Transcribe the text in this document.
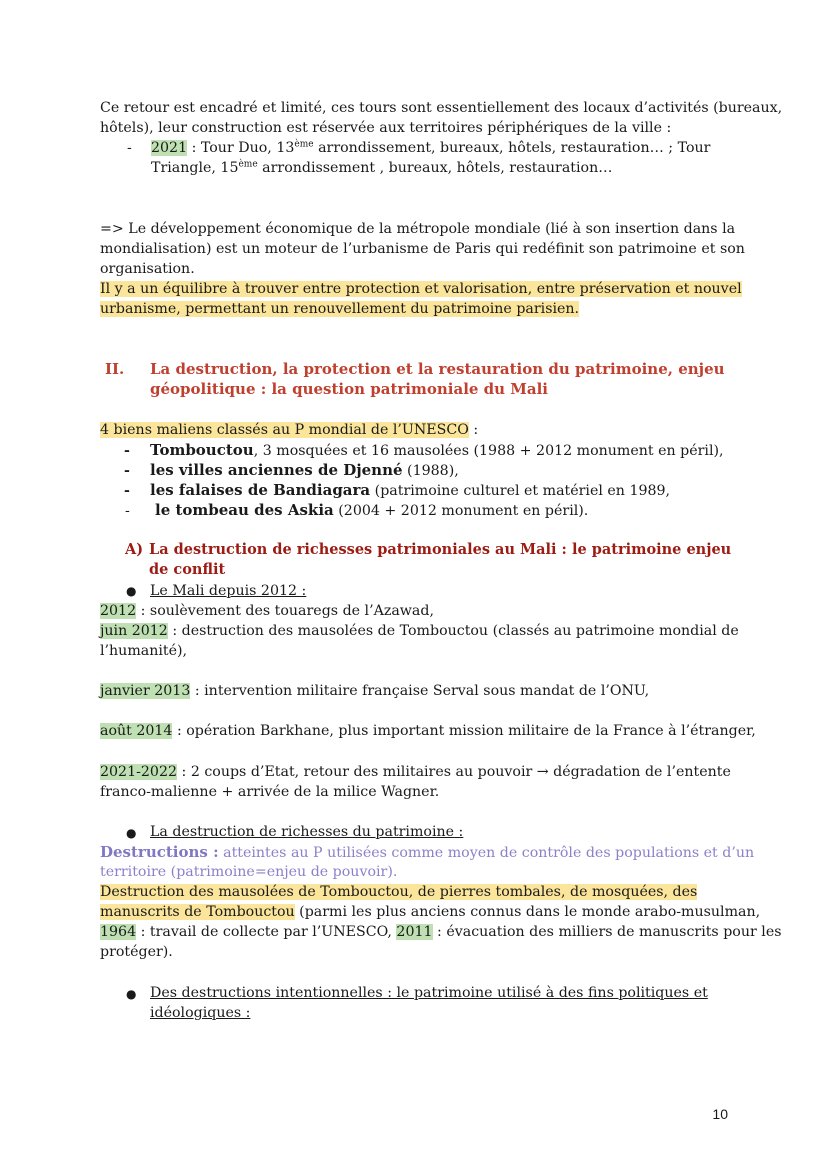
Ce retour est encadré et limité, ces tours sont essentiellement des locaux d’activités (bureaux,
hôtels), leur construction est réservée aux territoires périphériques de la ville :
- 2021 : Tour Duo, 13ème arrondissement, bureaux, hôtels, restauration… ; Tour
Triangle, 15ème arrondissement , bureaux, hôtels, restauration…
=> Le développement économique de la métropole mondiale (lié à son insertion dans la
mondialisation) est un moteur de l’urbanisme de Paris qui redéfinit son patrimoine et son
organisation.
Il y a un équilibre à trouver entre protection et valorisation, entre préservation et nouvel
urbanisme, permettant un renouvellement du patrimoine parisien.
II. La destruction, la protection et la restauration du patrimoine, enjeu
géopolitique : la question patrimoniale du Mali
4 biens maliens classés au P mondial de l’UNESCO :
- Tombouctou, 3 mosquées et 16 mausolées (1988 + 2012 monument en péril),
- les villes anciennes de Djenné (1988),
- les falaises de Bandiagara (patrimoine culturel et matériel en 1989,
- le tombeau des Askia (2004 + 2012 monument en péril).
A) La destruction de richesses patrimoniales au Mali : le patrimoine enjeu
de conflit
● Le Mali depuis 2012 :
2012 : soulèvement des touaregs de l’Azawad,
juin 2012 : destruction des mausolées de Tombouctou (classés au patrimoine mondial de
l’humanité),
janvier 2013 : intervention militaire française Serval sous mandat de l’ONU,
août 2014 : opération Barkhane, plus important mission militaire de la France à l’étranger,
2021-2022 : 2 coups d’Etat, retour des militaires au pouvoir → dégradation de l’entente
franco-malienne + arrivée de la milice Wagner.
● La destruction de richesses du patrimoine :
Destructions : atteintes au P utilisées comme moyen de contrôle des populations et d’un
territoire (patrimoine=enjeu de pouvoir).
Destruction des mausolées de Tombouctou, de pierres tombales, de mosquées, des
manuscrits de Tombouctou (parmi les plus anciens connus dans le monde arabo-musulman,
1964 : travail de collecte par l’UNESCO, 2011 : évacuation des milliers de manuscrits pour les
protéger).
● Des destructions intentionnelles : le patrimoine utilisé à des fins politiques et
idéologiques :
10
